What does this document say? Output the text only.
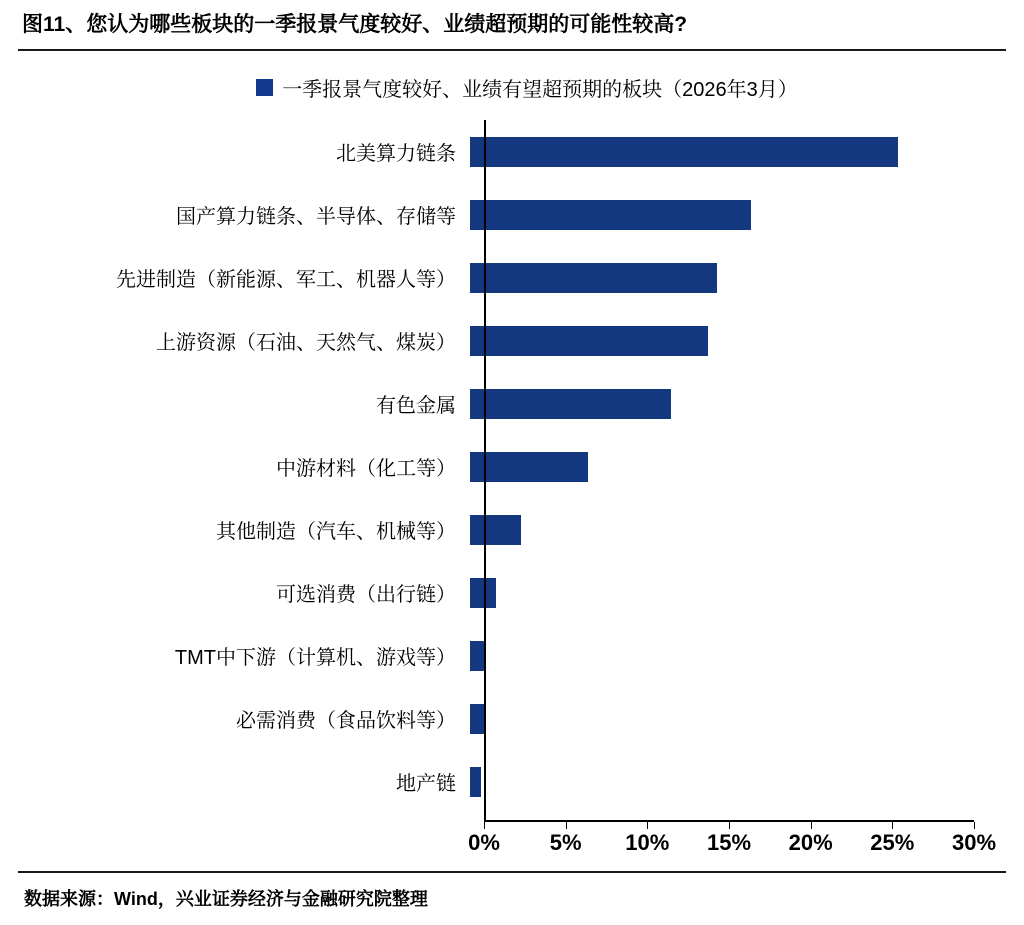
图11、您认为哪些板块的一季报景气度较好、业绩超预期的可能性较高?
一季报景气度较好、业绩有望超预期的板块（2026年3月）
北美算力链条
国产算力链条、半导体、存储等
先进制造（新能源、军工、机器人等）
上游资源（石油、天然气、煤炭）
有色金属
中游材料（化工等）
其他制造（汽车、机械等）
可选消费（出行链）
TMT中下游（计算机、游戏等）
必需消费（食品饮料等）
地产链
0% 5% 10% 15% 20% 25% 30%
数据来源：Wind，兴业证券经济与金融研究院整理
